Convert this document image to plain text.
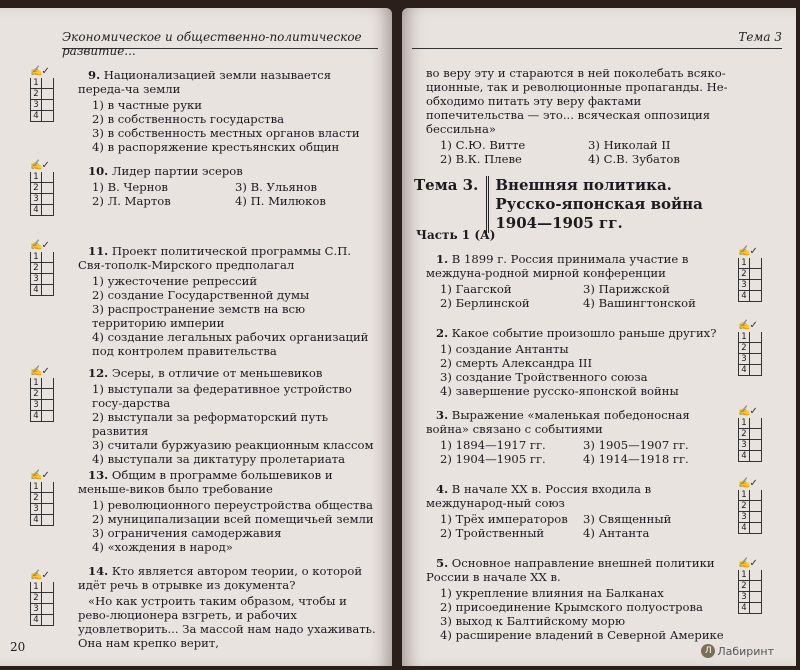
Экономическое и общественно-политическое развитие...
✍✓
1
2
3
4

9. Национализацией земли называется переда-ча земли

1) в частные руки
2) в собственность государства
3) в собственность местных органов власти
4) в распоряжение крестьянских общин
✍✓
1
2
3
4

10. Лидер партии эсеров

1) В. Чернов	3) В. Ульянов
2) Л. Мартов	4) П. Милюков
✍✓
1
2
3
4

11. Проект политической программы С.П. Свя-тополк-Мирского предполагал

1) ужесточение репрессий
2) создание Государственной думы
3) распространение земств на всю территорию империи
4) создание легальных рабочих организаций под контролем правительства
✍✓
1
2
3
4

12. Эсеры, в отличие от меньшевиков

1) выступали за федеративное устройство госу-дарства
2) выступали за реформаторский путь развития
3) считали буржуазию реакционным классом
4) выступали за диктатуру пролетариата
✍✓
1
2
3
4

13. Общим в программе большевиков и меньше-виков было требование

1) революционного переустройства общества
2) муниципализации всей помещичьей земли
3) ограничения самодержавия
4) «хождения в народ»
✍✓
1
2
3
4

14. Кто является автором теории, о которой идёт речь в отрывке из документа?

«Но как устроить таким образом, чтобы и рево-люционера взгреть, и рабочих удовлетворить... За массой нам надо ухаживать. Она нам крепко верит,
20
Тема 3

во веру эту и стараются в ней поколебать всяко-ционные, так и революционные пропаганды. Не-обходимо питать эту веру фактами попечительства — это... всяческая оппозиция бессильна»

1) С.Ю. Витте	3) Николай II
2) В.К. Плеве	4) С.В. Зубатов
Тема 3.	Внешняя политика. Русско-японская война 1904—1905 гг.
Часть 1 (А)
✍✓
1
2
3
4

1. В 1899 г. Россия принимала участие в междуна-родной мирной конференции

1) Гаагской	3) Парижской
2) Берлинской	4) Вашингтонской
✍✓
1
2
3
4

2. Какое событие произошло раньше других?

1) создание Антанты
2) смерть Александра III
3) создание Тройственного союза
4) завершение русско-японской войны
✍✓
1
2
3
4

3. Выражение «маленькая победоносная война» связано с событиями

1) 1894—1917 гг.	3) 1905—1907 гг.
2) 1904—1905 гг.	4) 1914—1918 гг.
✍✓
1
2
3
4

4. В начале XX в. Россия входила в международ-ный союз

1) Трёх императоров	3) Священный
2) Тройственный	4) Антанта
✍✓
1
2
3
4

5. Основное направление внешней политики России в начале XX в.

1) укрепление влияния на Балканах
2) присоединение Крымского полуострова
3) выход к Балтийскому морю
4) расширение владений в Северной Америке
Л Лабиринт
